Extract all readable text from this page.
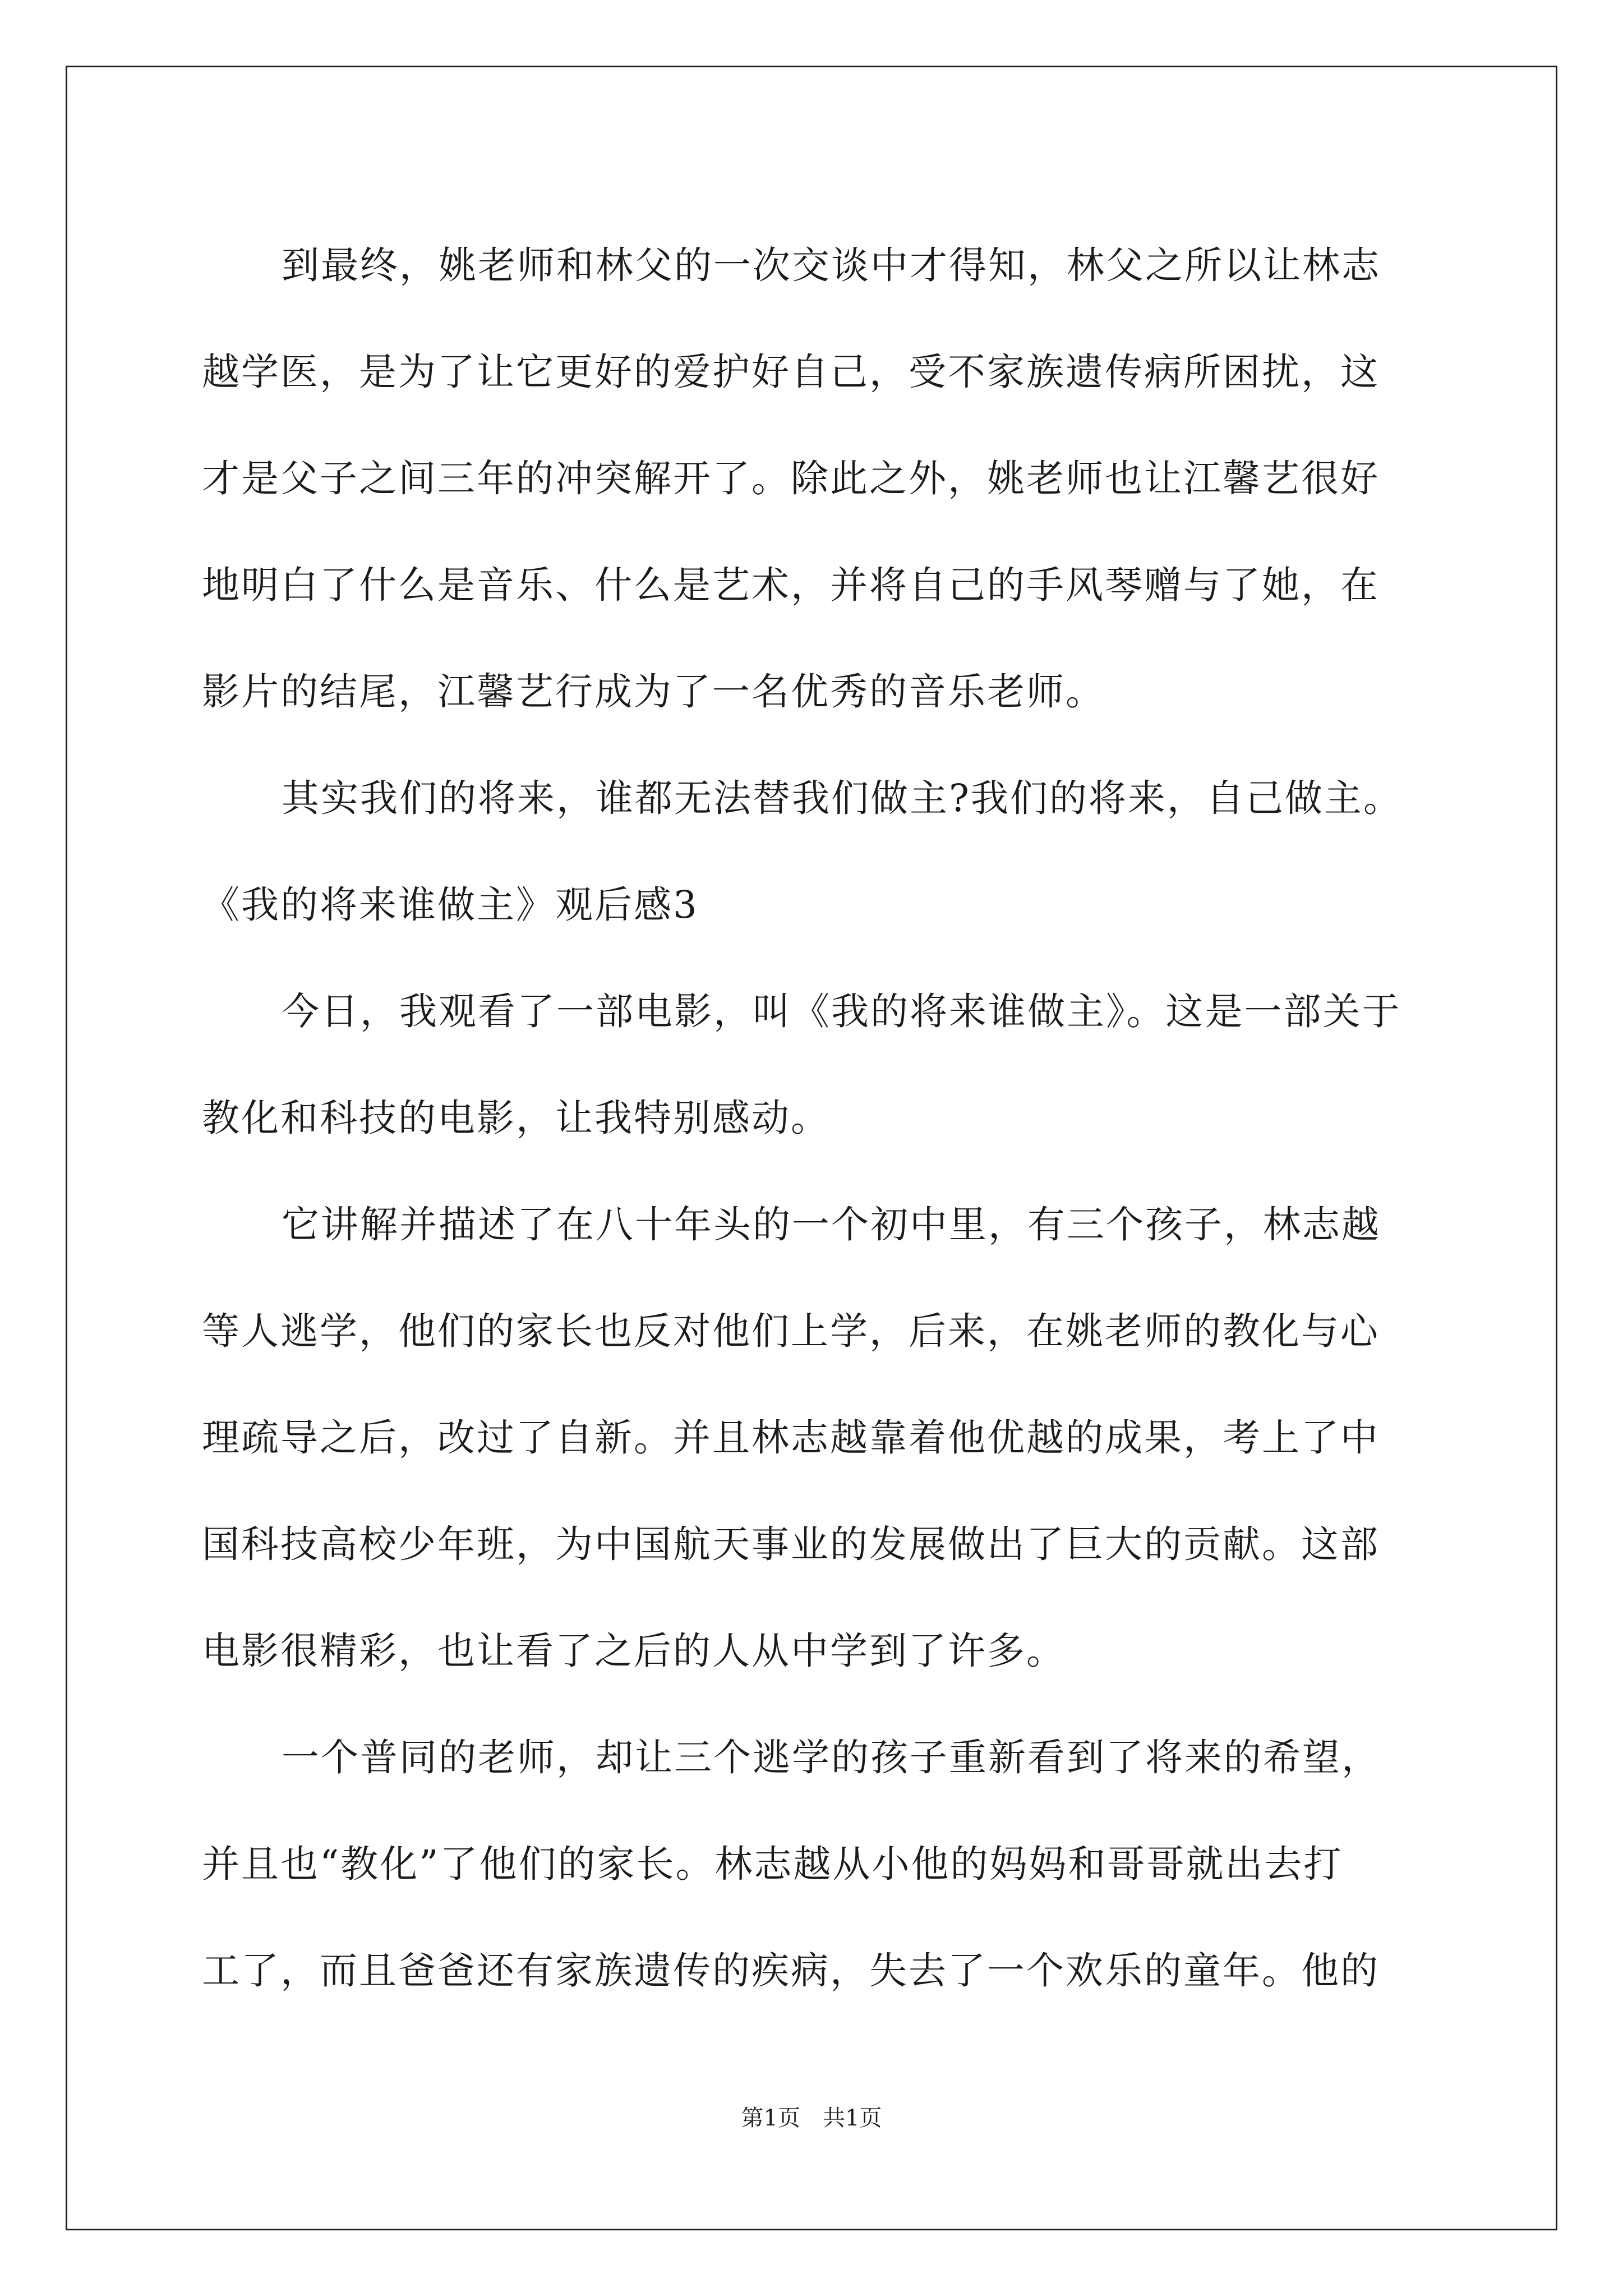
到最终，姚老师和林父的一次交谈中才得知，林父之所以让林志
越学医，是为了让它更好的爱护好自己，受不家族遗传病所困扰，这
才是父子之间三年的冲突解开了。除此之外，姚老师也让江馨艺很好
地明白了什么是音乐、什么是艺术，并将自己的手风琴赠与了她，在
影片的结尾，江馨艺行成为了一名优秀的音乐老师。
其实我们的将来，谁都无法替我们做主?我们的将来，自己做主。
《我的将来谁做主》观后感3
今日，我观看了一部电影，叫《我的将来谁做主》。这是一部关于
教化和科技的电影，让我特别感动。
它讲解并描述了在八十年头的一个初中里，有三个孩子，林志越
等人逃学，他们的家长也反对他们上学，后来，在姚老师的教化与心
理疏导之后，改过了自新。并且林志越靠着他优越的成果，考上了中
国科技高校少年班，为中国航天事业的发展做出了巨大的贡献。这部
电影很精彩，也让看了之后的人从中学到了许多。
一个普同的老师，却让三个逃学的孩子重新看到了将来的希望，
并且也“教化”了他们的家长。林志越从小他的妈妈和哥哥就出去打
工了，而且爸爸还有家族遗传的疾病，失去了一个欢乐的童年。他的
第1页　共1页
